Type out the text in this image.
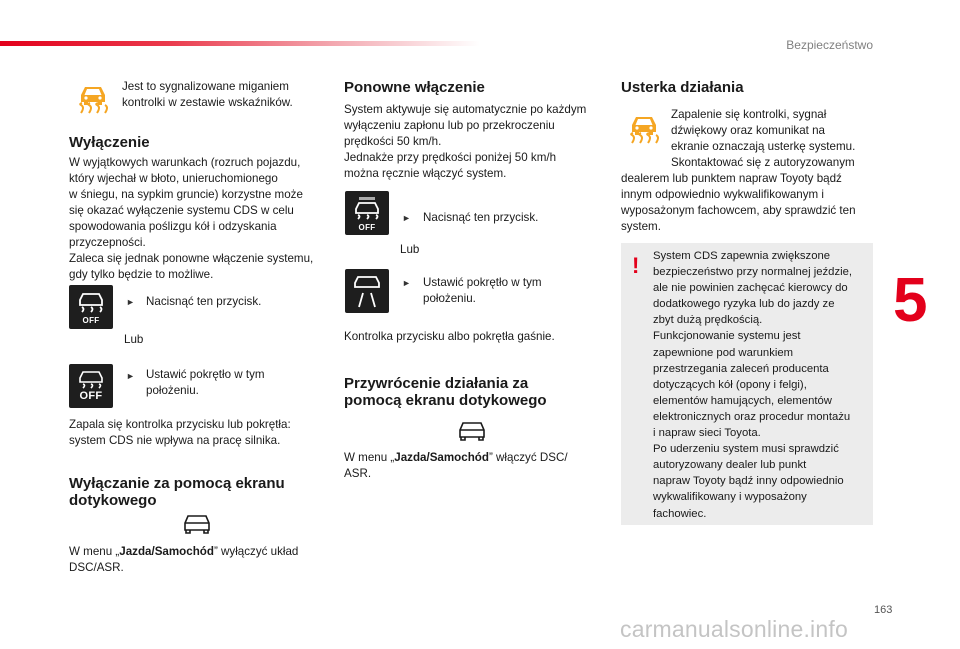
Bezpieczeństwo
5
163
carmanualsonline.info

Jest to sygnalizowane miganiem
kontrolki w zestawie wskaźników.

Wyłączenie

W wyjątkowych warunkach (rozruch pojazdu,
który wjechał w błoto, unieruchomionego
w śniegu, na sypkim gruncie) korzystne może
się okazać wyłączenie systemu CDS w celu
spowodowania poślizgu kół i odzyskania
przyczepności.
Zaleca się jednak ponowne włączenie systemu,
gdy tylko będzie to możliwe.

OFF
► Nacisnąć ten przycisk.

Lub

OFF
► Ustawić pokrętło w tym
położeniu.

Zapala się kontrolka przycisku lub pokrętła:
system CDS nie wpływa na pracę silnika.

Wyłączanie za pomocą ekranu
dotykowego

W menu „Jazda/Samochód” wyłączyć układ
DSC/ASR.

Ponowne włączenie

System aktywuje się automatycznie po każdym
wyłączeniu zapłonu lub po przekroczeniu
prędkości 50 km/h.
Jednakże przy prędkości poniżej 50 km/h
można ręcznie włączyć system.

OFF
► Nacisnąć ten przycisk.

Lub

► Ustawić pokrętło w tym
położeniu.

Kontrolka przycisku albo pokrętła gaśnie.

Przywrócenie działania za
pomocą ekranu dotykowego

W menu „Jazda/Samochód” włączyć DSC/
ASR.

Usterka działania

Zapalenie się kontrolki, sygnał
dźwiękowy oraz komunikat na
ekranie oznaczają usterkę systemu.
Skontaktować się z autoryzowanym

dealerem lub punktem napraw Toyoty bądź
innym odpowiednio wykwalifikowanym i
wyposażonym fachowcem, aby sprawdzić ten
system.

! System CDS zapewnia zwiększone
bezpieczeństwo przy normalnej jeździe,
ale nie powinien zachęcać kierowcy do
dodatkowego ryzyka lub do jazdy ze
zbyt dużą prędkością.
Funkcjonowanie systemu jest
zapewnione pod warunkiem
przestrzegania zaleceń producenta
dotyczących kół (opony i felgi),
elementów hamujących, elementów
elektronicznych oraz procedur montażu
i napraw sieci Toyota.
Po uderzeniu system musi sprawdzić
autoryzowany dealer lub punkt
napraw Toyoty bądź inny odpowiednio
wykwalifikowany i wyposażony
fachowiec.
